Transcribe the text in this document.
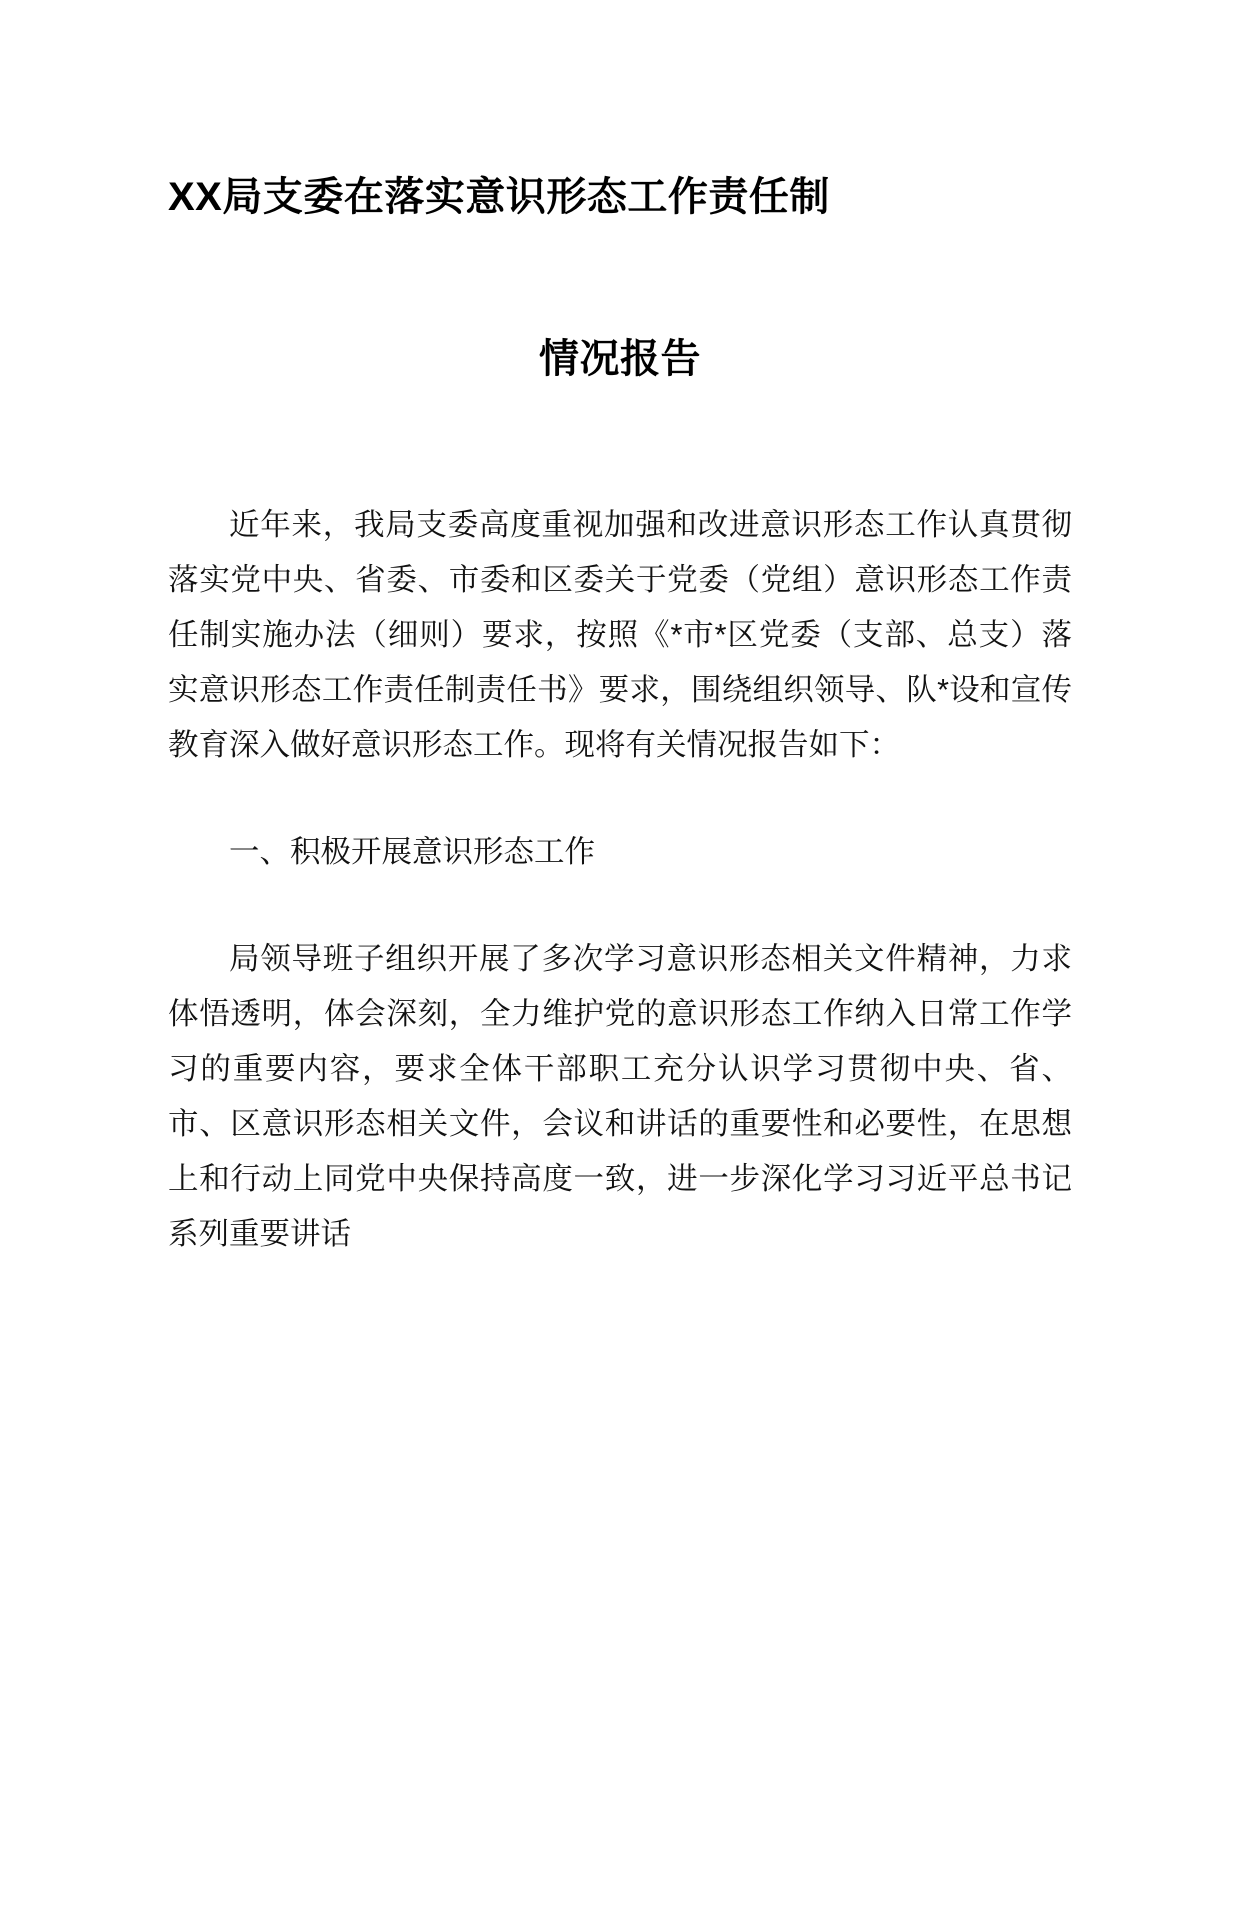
XX局支委在落实意识形态工作责任制
情况报告

近年来，我局支委高度重视加强和改进意识形态工作认真贯彻落实党中央、省委、市委和区委关于党委（党组）意识形态工作责任制实施办法（细则）要求，按照《*市*区党委（支部、总支）落实意识形态工作责任制责任书》要求，围绕组织领导、队*设和宣传教育深入做好意识形态工作。现将有关情况报告如下：

一、积极开展意识形态工作

局领导班子组织开展了多次学习意识形态相关文件精神，力求体悟透明，体会深刻，全力维护党的意识形态工作纳入日常工作学习的重要内容，要求全体干部职工充分认识学习贯彻中央、省、市、区意识形态相关文件，会议和讲话的重要性和必要性，在思想上和行动上同党中央保持高度一致，进一步深化学习习近平总书记系列重要讲话
